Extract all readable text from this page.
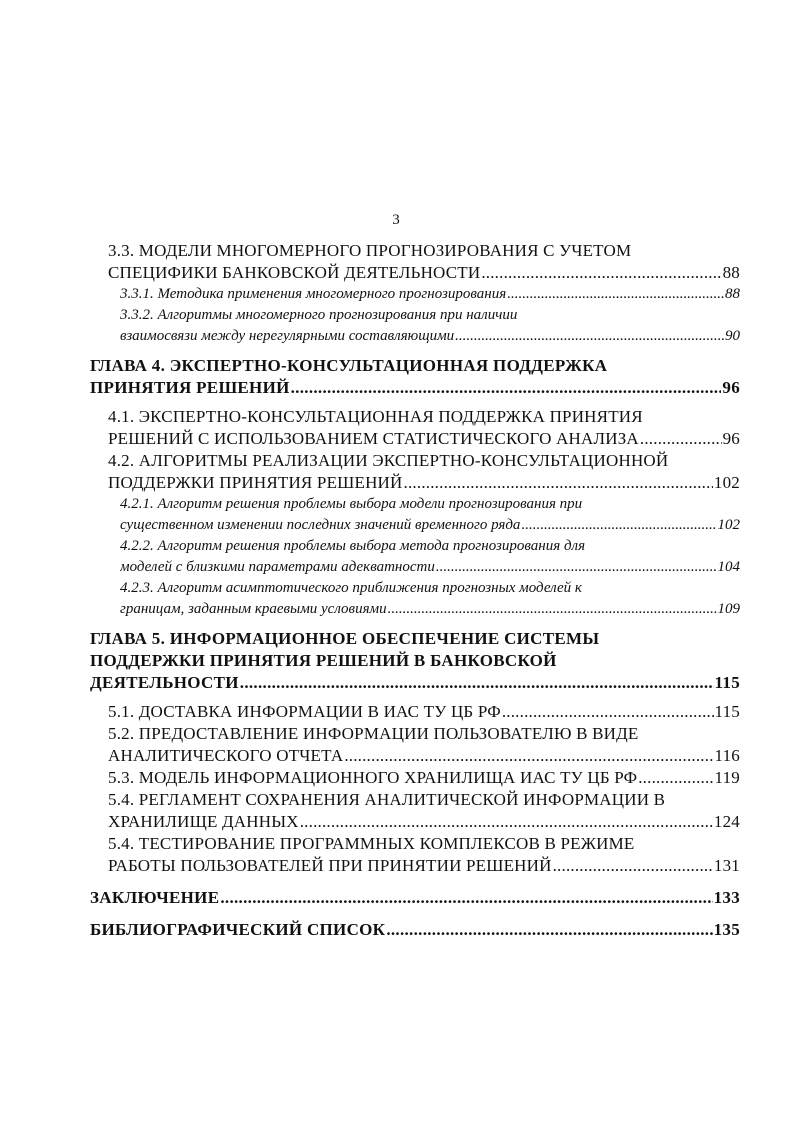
3
3.3. МОДЕЛИ МНОГОМЕРНОГО ПРОГНОЗИРОВАНИЯ С УЧЕТОМ
СПЕЦИФИКИ БАНКОВСКОЙ ДЕЯТЕЛЬНОСТИ .....	88
3.3.1. Методика применения многомерного прогнозирования .....	88
3.3.2. Алгоритмы многомерного прогнозирования при наличии
взаимосвязи между нерегулярными составляющими .....	90
ГЛАВА 4. ЭКСПЕРТНО-КОНСУЛЬТАЦИОННАЯ ПОДДЕРЖКА
ПРИНЯТИЯ РЕШЕНИЙ .....	96
4.1. ЭКСПЕРТНО-КОНСУЛЬТАЦИОННАЯ ПОДДЕРЖКА ПРИНЯТИЯ
РЕШЕНИЙ С ИСПОЛЬЗОВАНИЕМ СТАТИСТИЧЕСКОГО АНАЛИЗА .....	96
4.2. АЛГОРИТМЫ РЕАЛИЗАЦИИ ЭКСПЕРТНО-КОНСУЛЬТАЦИОННОЙ
ПОДДЕРЖКИ ПРИНЯТИЯ РЕШЕНИЙ .....	102
4.2.1. Алгоритм решения проблемы выбора модели прогнозирования при
существенном изменении последних значений временного ряда .....	102
4.2.2. Алгоритм решения проблемы выбора метода прогнозирования для
моделей с близкими параметрами адекватности .....	104
4.2.3. Алгоритм асимптотического приближения прогнозных моделей к
границам, заданным краевыми условиями .....	109
ГЛАВА 5. ИНФОРМАЦИОННОЕ ОБЕСПЕЧЕНИЕ СИСТЕМЫ
ПОДДЕРЖКИ ПРИНЯТИЯ РЕШЕНИЙ В БАНКОВСКОЙ
ДЕЯТЕЛЬНОСТИ .....	115
5.1. ДОСТАВКА ИНФОРМАЦИИ В ИАС ТУ ЦБ РФ .....	115
5.2. ПРЕДОСТАВЛЕНИЕ ИНФОРМАЦИИ ПОЛЬЗОВАТЕЛЮ В ВИДЕ
АНАЛИТИЧЕСКОГО ОТЧЕТА .....	116
5.3. МОДЕЛЬ ИНФОРМАЦИОННОГО ХРАНИЛИЩА ИАС ТУ ЦБ РФ .....	119
5.4. РЕГЛАМЕНТ СОХРАНЕНИЯ АНАЛИТИЧЕСКОЙ ИНФОРМАЦИИ В
ХРАНИЛИЩЕ ДАННЫХ .....	124
5.4. ТЕСТИРОВАНИЕ ПРОГРАММНЫХ КОМПЛЕКСОВ В РЕЖИМЕ
РАБОТЫ ПОЛЬЗОВАТЕЛЕЙ ПРИ ПРИНЯТИИ РЕШЕНИЙ .....	131
ЗАКЛЮЧЕНИЕ .....	133
БИБЛИОГРАФИЧЕСКИЙ СПИСОК .....	135
